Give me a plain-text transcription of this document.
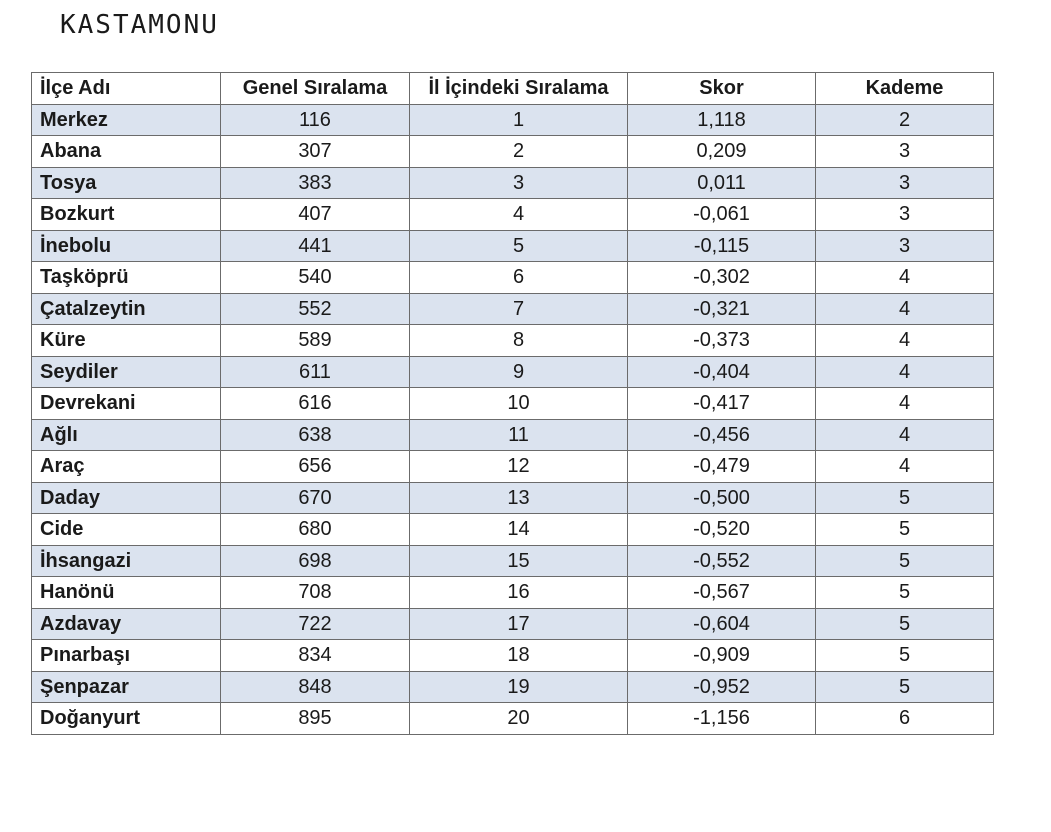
KASTAMONU
İlçe Adı	Genel Sıralama	İl İçindeki Sıralama	Skor	Kademe
Merkez	116	1	1,118	2
Abana	307	2	0,209	3
Tosya	383	3	0,011	3
Bozkurt	407	4	-0,061	3
İnebolu	441	5	-0,115	3
Taşköprü	540	6	-0,302	4
Çatalzeytin	552	7	-0,321	4
Küre	589	8	-0,373	4
Seydiler	611	9	-0,404	4
Devrekani	616	10	-0,417	4
Ağlı	638	11	-0,456	4
Araç	656	12	-0,479	4
Daday	670	13	-0,500	5
Cide	680	14	-0,520	5
İhsangazi	698	15	-0,552	5
Hanönü	708	16	-0,567	5
Azdavay	722	17	-0,604	5
Pınarbaşı	834	18	-0,909	5
Şenpazar	848	19	-0,952	5
Doğanyurt	895	20	-1,156	6
